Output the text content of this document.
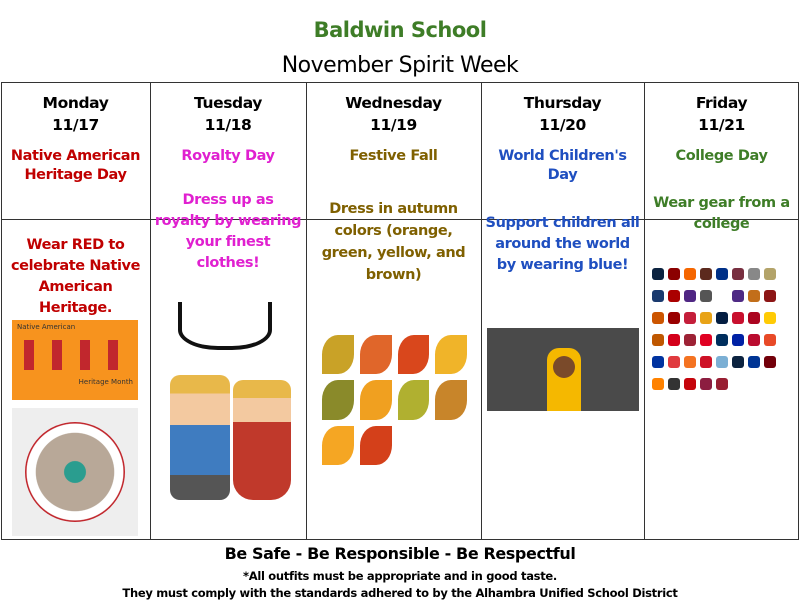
Baldwin School
November Spirit Week
Monday
11/17
Native American Heritage Day
Wear RED to celebrate Native American Heritage.
Tuesday
11/18
Royalty Day
Dress up as royalty by wearing your finest clothes!
Wednesday
11/19
Festive Fall
Dress in autumn colors (orange, green, yellow, and brown)
Thursday
11/20
World Children's Day
Support children all around the world by wearing blue!
Friday
11/21
College Day
Wear gear from a college
Native American
Heritage Month
Be Safe - Be Responsible - Be Respectful
*All outfits must be appropriate and in good taste.
They must comply with the standards adhered to by the Alhambra Unified School District
